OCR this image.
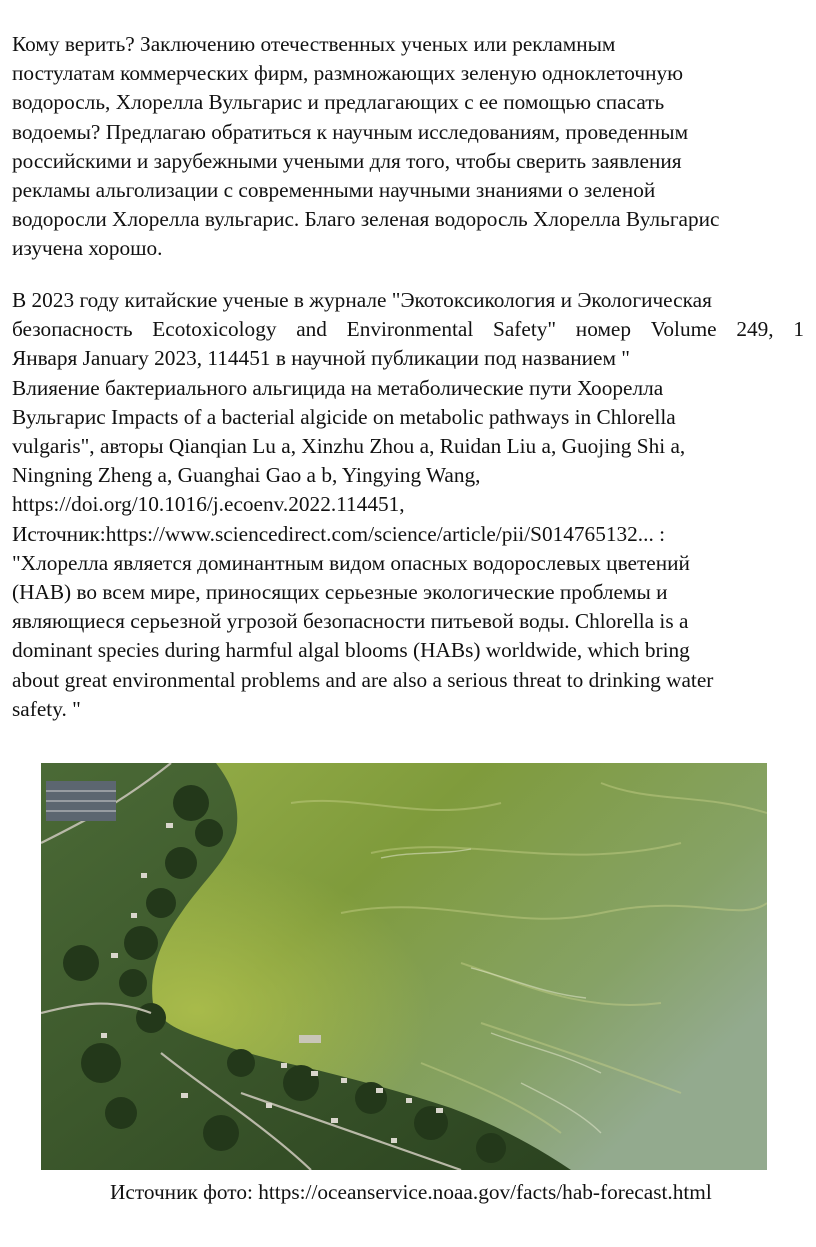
Кому верить? Заключению отечественных ученых или рекламным
постулатам коммерческих фирм, размножающих зеленую одноклеточную
водоросль, Хлорелла Вульгарис и предлагающих с ее помощью спасать
водоемы? Предлагаю обратиться к научным исследованиям, проведенным
российскими и зарубежными учеными для того, чтобы сверить заявления
рекламы альголизации с современными научными знаниями о зеленой
водоросли Хлорелла вульгарис. Благо зеленая водоросль Хлорелла Вульгарис
изучена хорошо.
В 2023 году китайские ученые в журнале "Экотоксикология и Экологическая
безопасность Ecotoxicology and Environmental Safety" номер Volume 249, 1
Января January 2023, 114451 в научной публикации под названием "
Влияение бактериального альгицида на метаболические пути Хоорелла
Вульгарис Impacts of a bacterial algicide on metabolic pathways in Chlorella
vulgaris", авторы Qianqian Lu a, Xinzhu Zhou a, Ruidan Liu a, Guojing Shi a,
Ningning Zheng a, Guanghai Gao a b, Yingying Wang,
https://doi.org/10.1016/j.ecoenv.2022.114451,
Источник:https://www.sciencedirect.com/science/article/pii/S014765132... :
"Хлорелла является доминантным видом опасных водорослевых цветений
(HAB) во всем мире, приносящих серьезные экологические проблемы и
являющиеся серьезной угрозой безопасности питьевой воды. Chlorella is a
dominant species during harmful algal blooms (HABs) worldwide, which bring
about great environmental problems and are also a serious threat to drinking water
safety. "
Источник фото: https://oceanservice.noaa.gov/facts/hab-forecast.html
